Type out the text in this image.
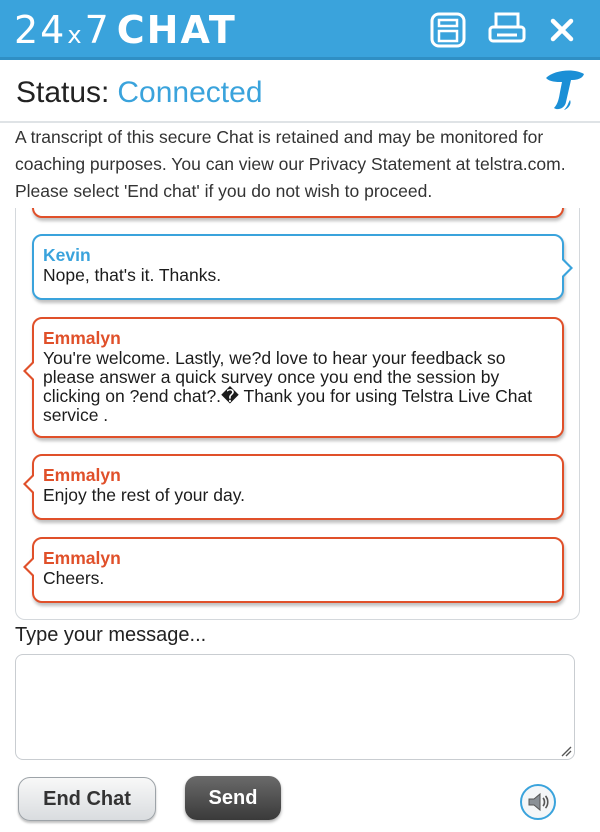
24x7 CHAT
Status: Connected
A transcript of this secure Chat is retained and may be monitored for coaching purposes. You can view our Privacy Statement at telstra.com. Please select 'End chat' if you do not wish to proceed.
Kevin
Nope, that's it. Thanks.
Emmalyn
You're welcome. Lastly, we?d love to hear your feedback so please answer a quick survey once you end the session by clicking on ?end chat?.� Thank you for using Telstra Live Chat service .
Emmalyn
Enjoy the rest of your day.
Emmalyn
Cheers.
Type your message...
End Chat	Send
